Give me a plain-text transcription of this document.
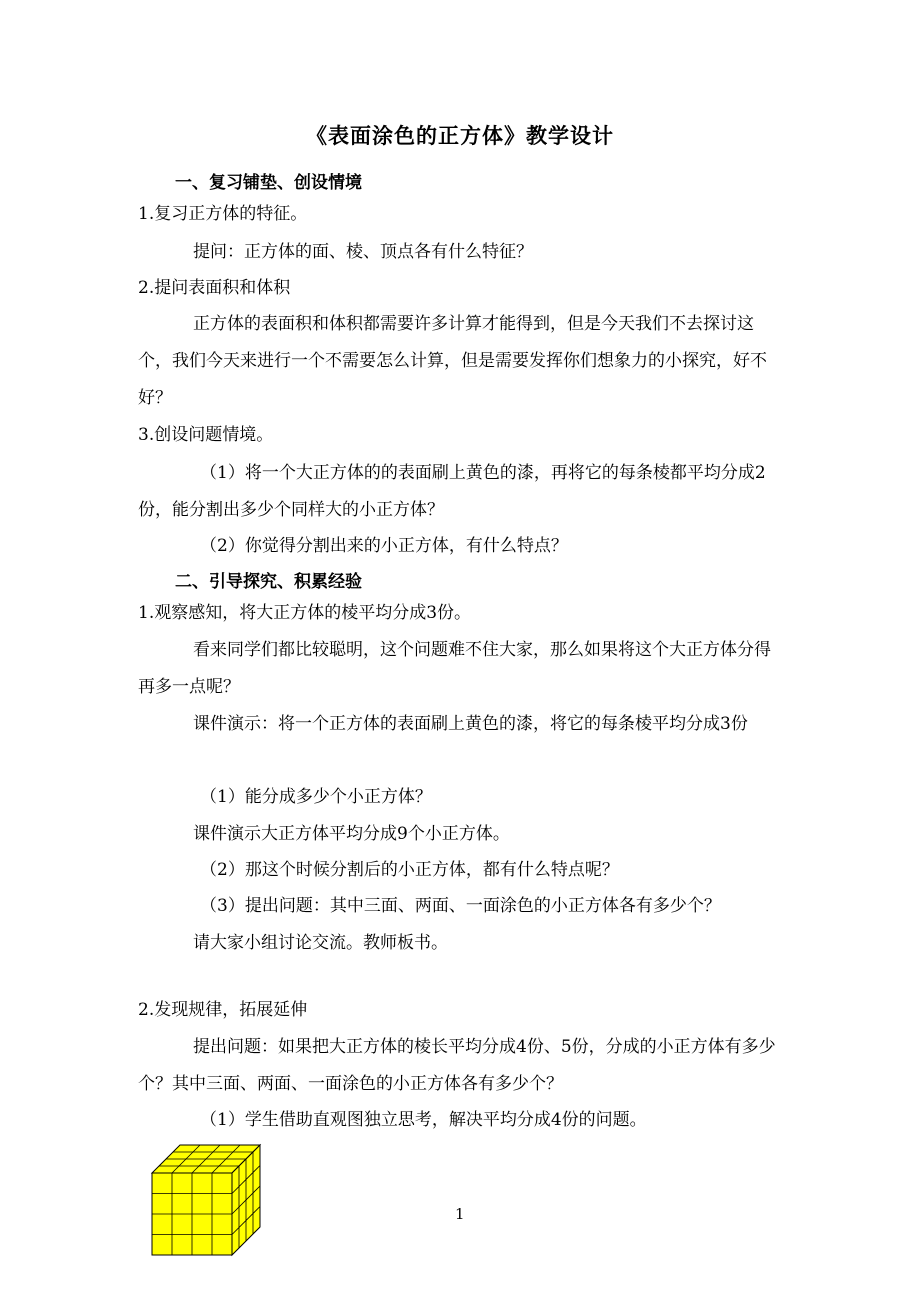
《表面涂色的正方体》教学设计
一、复习铺垫、创设情境
1.复习正方体的特征。
提问：正方体的面、棱、顶点各有什么特征？
2.提问表面积和体积
正方体的表面积和体积都需要许多计算才能得到，但是今天我们不去探讨这个，我们今天来进行一个不需要怎么计算，但是需要发挥你们想象力的小探究，好不好？
3.创设问题情境。
（1）将一个大正方体的的表面刷上黄色的漆，再将它的每条棱都平均分成2份，能分割出多少个同样大的小正方体？
（2）你觉得分割出来的小正方体，有什么特点？
二、引导探究、积累经验
1.观察感知，将大正方体的棱平均分成3份。
看来同学们都比较聪明，这个问题难不住大家，那么如果将这个大正方体分得再多一点呢？
课件演示：将一个正方体的表面刷上黄色的漆，将它的每条棱平均分成3份
（1）能分成多少个小正方体？
课件演示大正方体平均分成9个小正方体。
（2）那这个时候分割后的小正方体，都有什么特点呢？
（3）提出问题：其中三面、两面、一面涂色的小正方体各有多少个？
请大家小组讨论交流。教师板书。
2.发现规律，拓展延伸
提出问题：如果把大正方体的棱长平均分成4份、5份，分成的小正方体有多少个？其中三面、两面、一面涂色的小正方体各有多少个？
（1）学生借助直观图独立思考，解决平均分成4份的问题。
1
